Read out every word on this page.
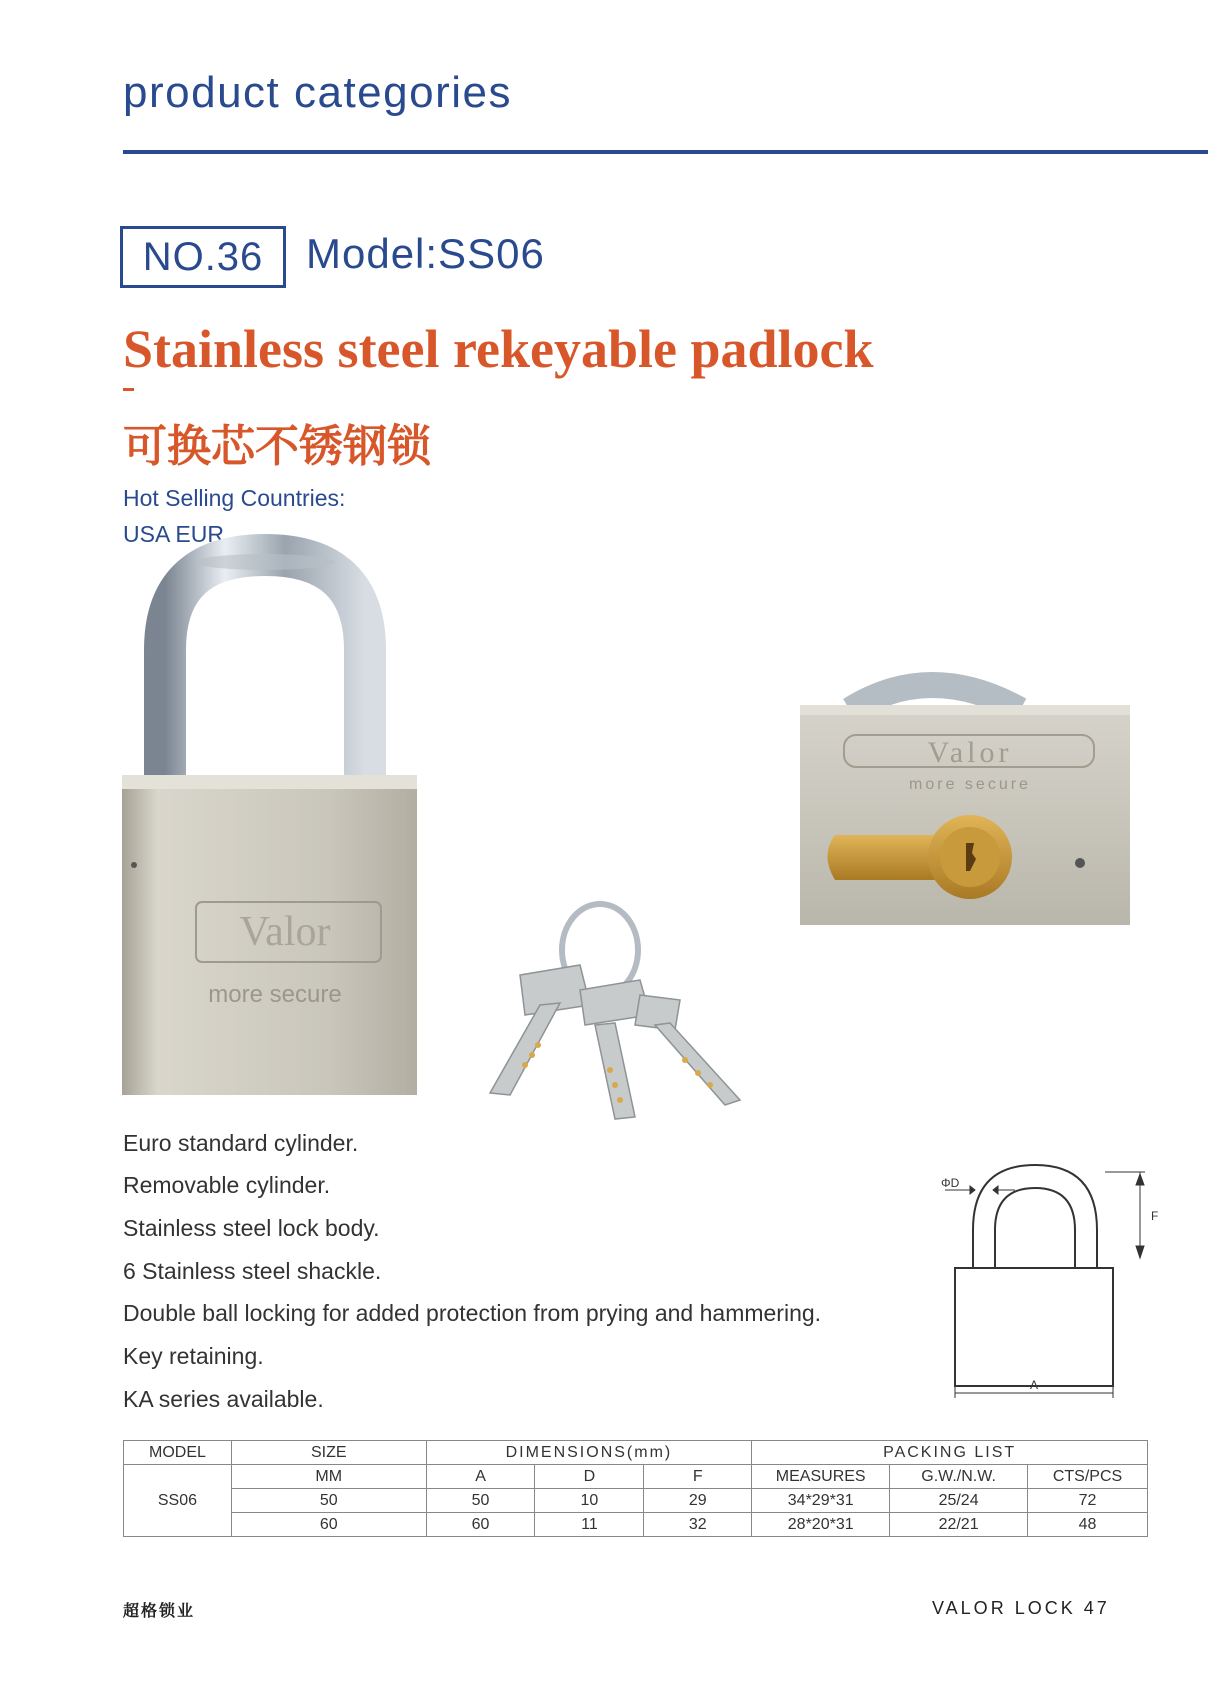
product categories
NO.36	Model:SS06
Stainless steel rekeyable padlock
可换芯不锈钢锁
Hot Selling Countries:
USA EUR
Valor
more secure
Valor
more secure
Euro standard cylinder.
Removable cylinder.
Stainless steel lock body.
6 Stainless steel shackle.
Double ball locking for added protection from prying and hammering.
Key retaining.
KA series available.
ΦD
F
A
MODEL	SIZE	DIMENSIONS(mm)			PACKING LIST		
SS06	MM	A	D	F	MEASURES	G.W./N.W.	CTS/PCS
	50	50	10	29	34*29*31	25/24	72
	60	60	11	32	28*20*31	22/21	48
超格锁业	VALOR LOCK 47
